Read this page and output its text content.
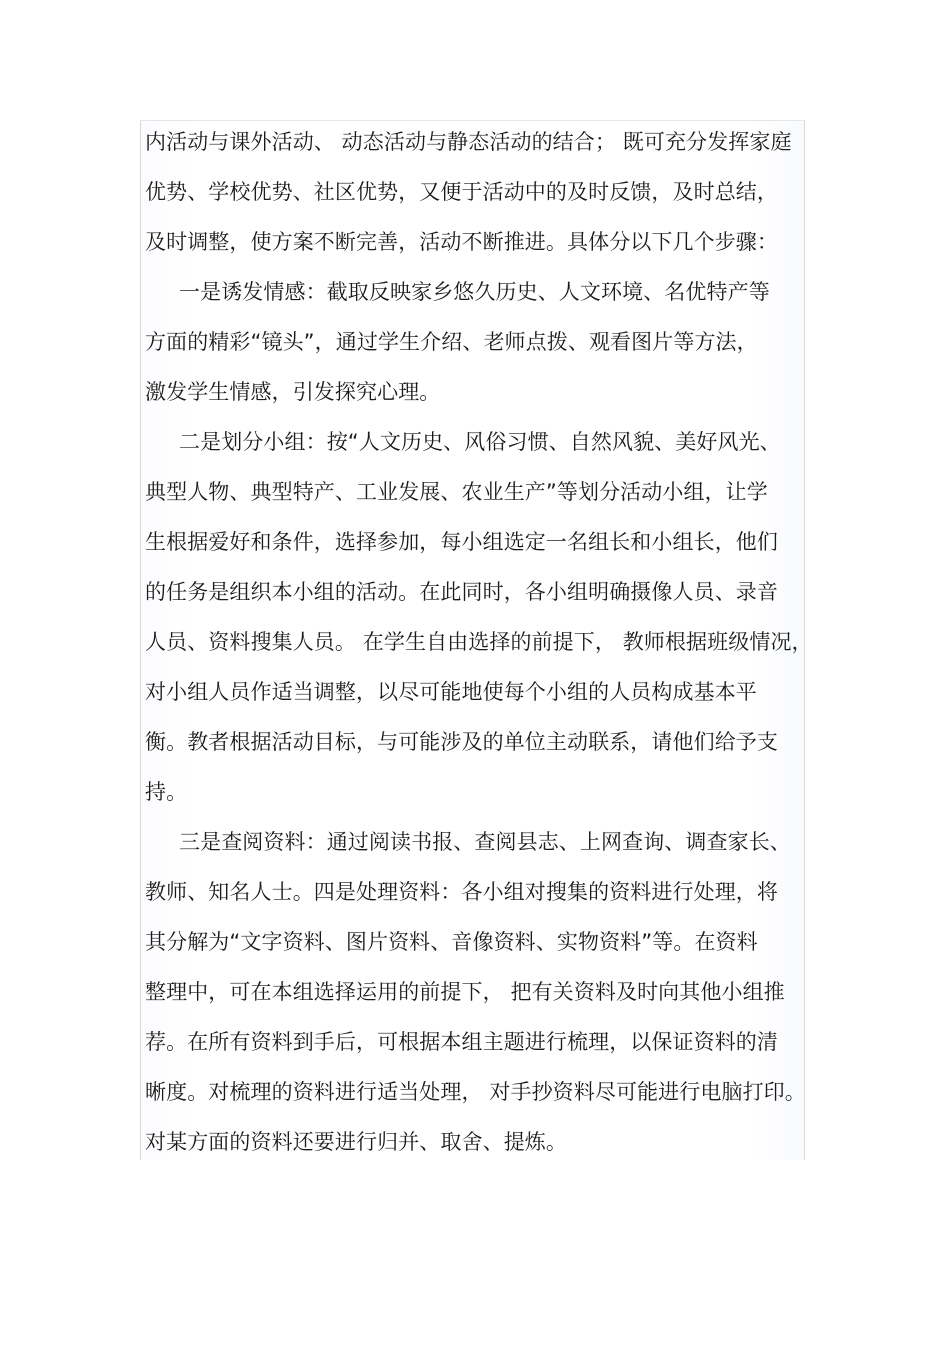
内活动与课外活动、 动态活动与静态活动的结合； 既可充分发挥家庭
优势、学校优势、社区优势，又便于活动中的及时反馈，及时总结，
及时调整，使方案不断完善，活动不断推进。具体分以下几个步骤：
一是诱发情感：截取反映家乡悠久历史、人文环境、名优特产等
方面的精彩“镜头”，通过学生介绍、老师点拨、观看图片等方法，
激发学生情感，引发探究心理。
二是划分小组：按“人文历史、风俗习惯、自然风貌、美好风光、
典型人物、典型特产、工业发展、农业生产”等划分活动小组，让学
生根据爱好和条件，选择参加，每小组选定一名组长和小组长，他们
的任务是组织本小组的活动。在此同时，各小组明确摄像人员、录音
人员、资料搜集人员。 在学生自由选择的前提下， 教师根据班级情况，
对小组人员作适当调整，以尽可能地使每个小组的人员构成基本平
衡。教者根据活动目标，与可能涉及的单位主动联系，请他们给予支
持。
三是查阅资料：通过阅读书报、查阅县志、上网查询、调查家长、
教师、知名人士。四是处理资料：各小组对搜集的资料进行处理，将
其分解为“文字资料、图片资料、音像资料、实物资料”等。在资料
整理中，可在本组选择运用的前提下， 把有关资料及时向其他小组推
荐。在所有资料到手后，可根据本组主题进行梳理，以保证资料的清
晰度。对梳理的资料进行适当处理， 对手抄资料尽可能进行电脑打印。
对某方面的资料还要进行归并、取舍、提炼。
